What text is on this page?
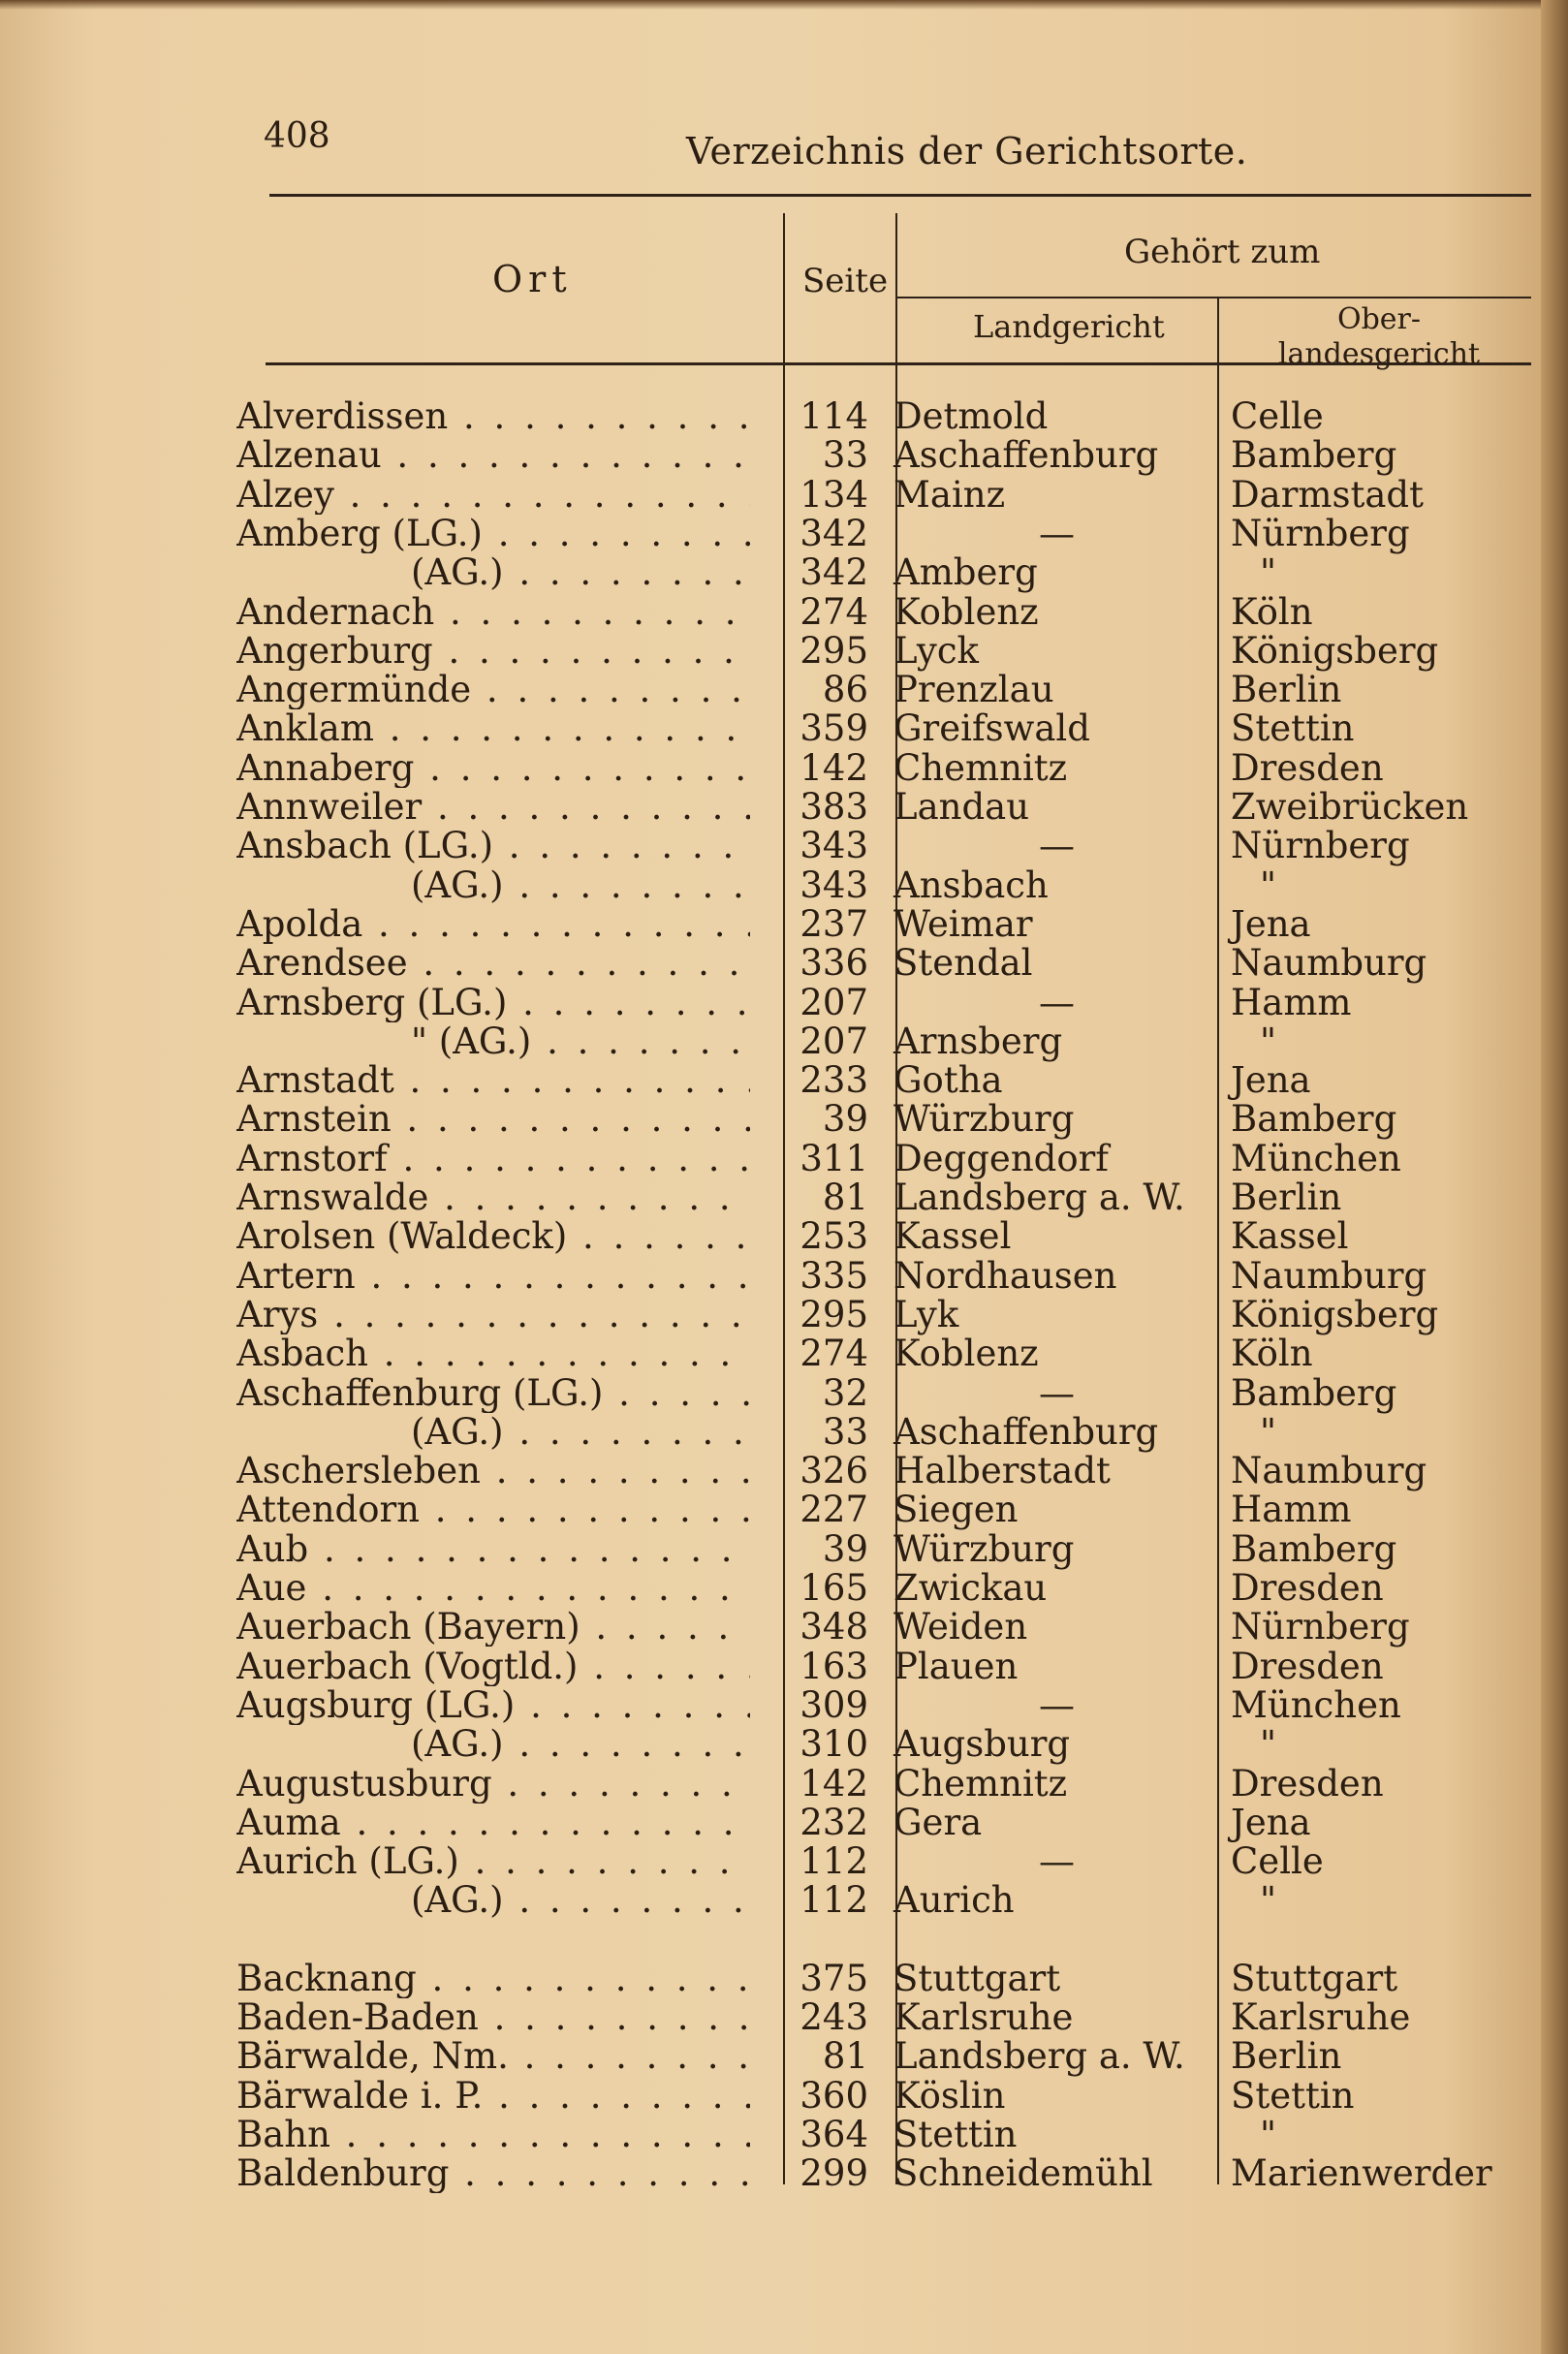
408	Verzeichnis der Gerichtsorte.
Ort	Seite
Gehört zum
Landgericht	Ober-
landesgericht
Alverdissen . . .	114 Detmold	Celle
Alzenau . . .	33 Aschaffenburg	Bamberg
Alzey . . .	134 Mainz	Darmstadt
Amberg (LG.) . . .	342	—	Nürnberg
(AG.) . . .	342 Amberg	"
Andernach . . .	274 Koblenz	Köln
Angerburg . . .	295 Lyck	Königsberg
Angermünde . . .	86 Prenzlau	Berlin
Anklam . . .	359 Greifswald	Stettin
Annaberg . . .	142 Chemnitz	Dresden
Annweiler . . .	383 Landau	Zweibrücken
Ansbach (LG.) . . .	343	—	Nürnberg
(AG.) . . .	343 Ansbach	"
Apolda . . .	237 Weimar	Jena
Arendsee . . .	336 Stendal	Naumburg
Arnsberg (LG.) . . .	207	—	Hamm
" (AG.) . . .	207 Arnsberg	"
Arnstadt . . .	233 Gotha	Jena
Arnstein . . .	39 Würzburg	Bamberg
Arnstorf . . .	311 Deggendorf	München
Arnswalde . . .	81 Landsberg a. W.	Berlin
Arolsen (Waldeck) . . .	253 Kassel	Kassel
Artern . . .	335 Nordhausen	Naumburg
Arys . . .	295 Lyk	Königsberg
Asbach . . .	274 Koblenz	Köln
Aschaffenburg (LG.) . . .	32	—	Bamberg
(AG.) . . .	33 Aschaffenburg	"
Aschersleben . . .	326 Halberstadt	Naumburg
Attendorn . . .	227 Siegen	Hamm
Aub . . .	39 Würzburg	Bamberg
Aue . . .	165 Zwickau	Dresden
Auerbach (Bayern) . . .	348 Weiden	Nürnberg
Auerbach (Vogtld.) . . .	163 Plauen	Dresden
Augsburg (LG.) . . .	309	—	München
(AG.) . . .	310 Augsburg	"
Augustusburg . . .	142 Chemnitz	Dresden
Auma . . .	232 Gera	Jena
Aurich (LG.) . . .	112	—	Celle
(AG.) . . .	112 Aurich	"
Backnang . . .	375 Stuttgart	Stuttgart
Baden-Baden . . .	243 Karlsruhe	Karlsruhe
Bärwalde, Nm. . . .	81 Landsberg a. W.	Berlin
Bärwalde i. P. . . .	360 Köslin	Stettin
Bahn . . .	364 Stettin	"
Baldenburg . . .	299 Schneidemühl	Marienwerder
